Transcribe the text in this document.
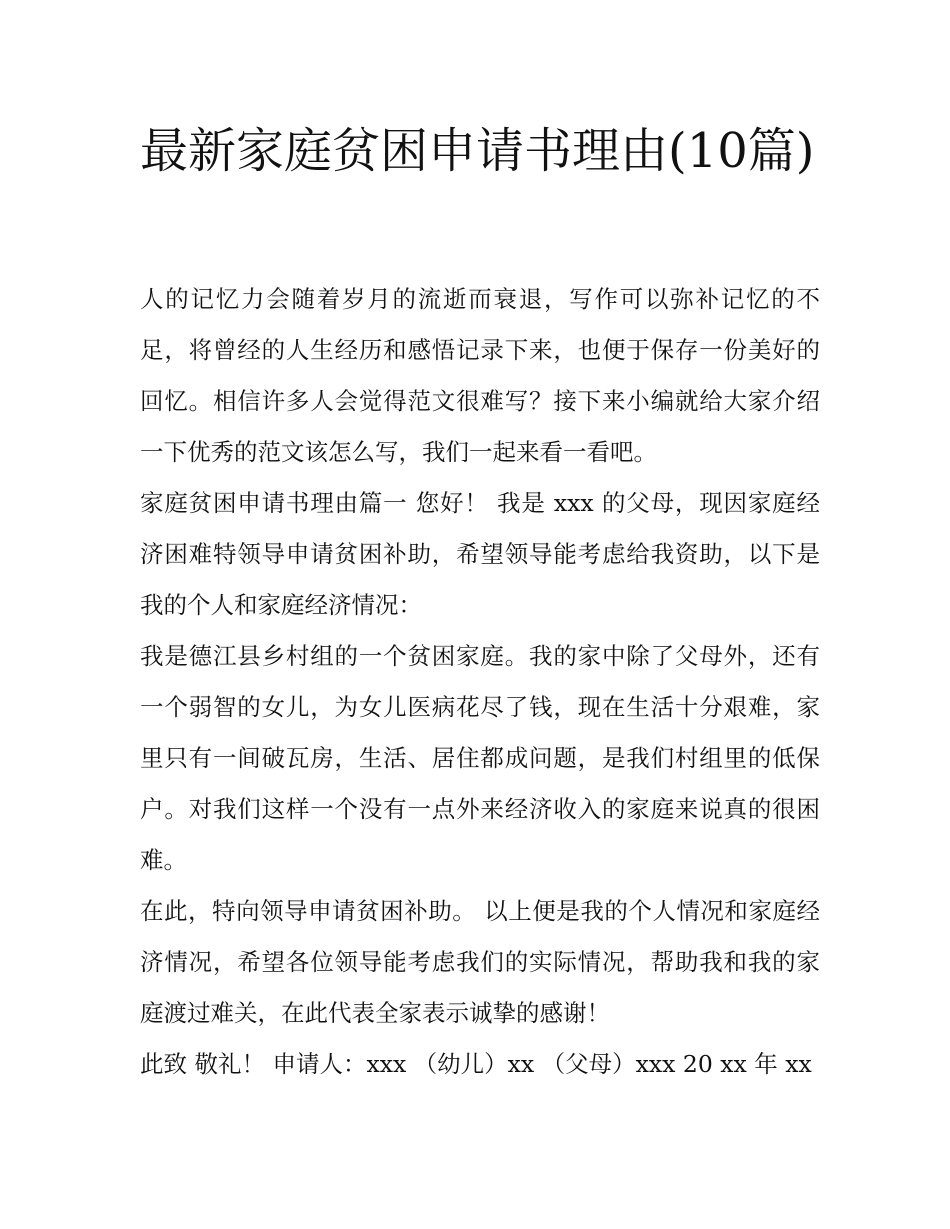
最新家庭贫困申请书理由(10篇)

人的记忆力会随着岁月的流逝而衰退，写作可以弥补记忆的不足，将曾经的人生经历和感悟记录下来，也便于保存一份美好的回忆。相信许多人会觉得范文很难写？接下来小编就给大家介绍一下优秀的范文该怎么写，我们一起来看一看吧。

家庭贫困申请书理由篇一 您好！ 我是 xxx 的父母，现因家庭经济困难特领导申请贫困补助，希望领导能考虑给我资助，以下是我的个人和家庭经济情况：

我是德江县乡村组的一个贫困家庭。我的家中除了父母外，还有一个弱智的女儿，为女儿医病花尽了钱，现在生活十分艰难，家里只有一间破瓦房，生活、居住都成问题，是我们村组里的低保户。对我们这样一个没有一点外来经济收入的家庭来说真的很困难。

在此，特向领导申请贫困补助。 以上便是我的个人情况和家庭经济情况，希望各位领导能考虑我们的实际情况，帮助我和我的家庭渡过难关，在此代表全家表示诚挚的感谢！

此致 敬礼！ 申请人：xxx （幼儿）xx （父母）xxx 20 xx 年 xx
